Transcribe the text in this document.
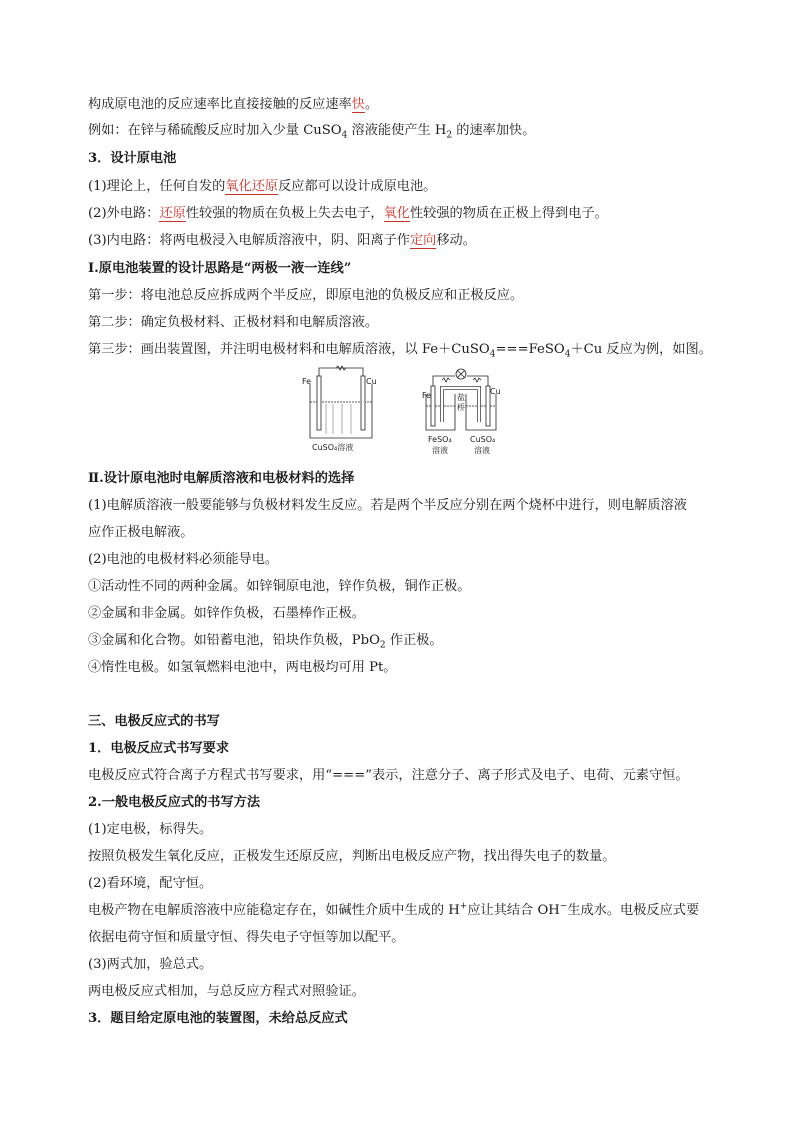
构成原电池的反应速率比直接接触的反应速率快。
例如：在锌与稀硫酸反应时加入少量 CuSO$_4$ 溶液能使产生 $H_2$ 的速率加快。
3．设计原电池
(1)理论上，任何自发的氧化还原反应都可以设计成原电池。
(2)外电路：还原性较强的物质在负极上失去电子，氧化性较强的物质在正极上得到电子。
(3)内电路：将两电极浸入电解质溶液中，阴、阳离子作定向移动。
Ⅰ.原电池装置的设计思路是“两极一液一连线”
第一步：将电池总反应拆成两个半反应，即原电池的负极反应和正极反应。
第二步：确定负极材料、正极材料和电解质溶液。
第三步：画出装置图，并注明电极材料和电解质溶液，以 Fe＋CuSO$_4$===FeSO$_4$＋Cu 反应为例，如图。
Fe	Cu
CuSO₄溶液
Fe	Cu
盐
桥
FeSO₄
溶液
CuSO₄
溶液
Ⅱ.设计原电池时电解质溶液和电极材料的选择
(1)电解质溶液一般要能够与负极材料发生反应。若是两个半反应分别在两个烧杯中进行，则电解质溶液
应作正极电解液。
(2)电池的电极材料必须能导电。
①活动性不同的两种金属。如锌铜原电池，锌作负极，铜作正极。
②金属和非金属。如锌作负极，石墨棒作正极。
③金属和化合物。如铅蓄电池，铅块作负极，PbO$_2$ 作正极。
④惰性电极。如氢氧燃料电池中，两电极均可用 Pt。
三、电极反应式的书写
1．电极反应式书写要求
电极反应式符合离子方程式书写要求，用“===”表示，注意分子、离子形式及电子、电荷、元素守恒。
2.一般电极反应式的书写方法
(1)定电极，标得失。
按照负极发生氧化反应，正极发生还原反应，判断出电极反应产物，找出得失电子的数量。
(2)看环境，配守恒。
电极产物在电解质溶液中应能稳定存在，如碱性介质中生成的 H+应让其结合 OH−生成水。电极反应式要
依据电荷守恒和质量守恒、得失电子守恒等加以配平。
(3)两式加，验总式。
两电极反应式相加，与总反应方程式对照验证。
3．题目给定原电池的装置图，未给总反应式
